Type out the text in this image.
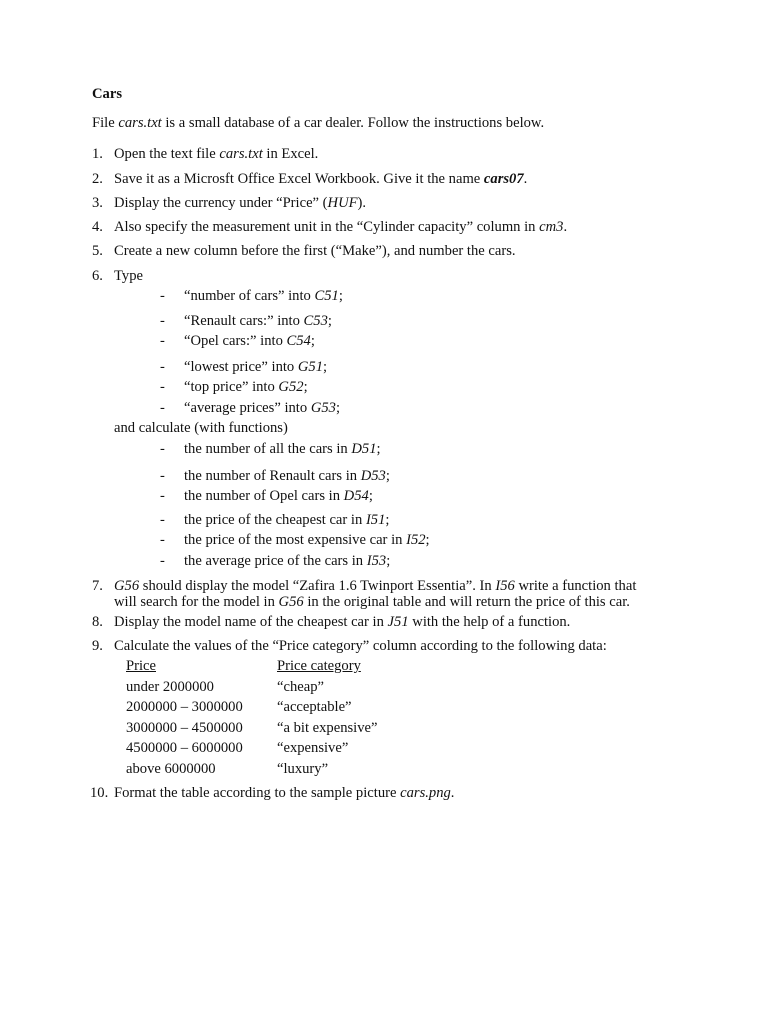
Cars
File cars.txt is a small database of a car dealer. Follow the instructions below.
1. Open the text file cars.txt in Excel.
2. Save it as a Microsft Office Excel Workbook. Give it the name cars07.
3. Display the currency under “Price” (HUF).
4. Also specify the measurement unit in the “Cylinder capacity” column in cm3.
5. Create a new column before the first (“Make”), and number the cars.
6. Type
- “number of cars” into C51;
- “Renault cars:” into C53;
- “Opel cars:” into C54;
- “lowest price” into G51;
- “top price” into G52;
- “average prices” into G53;
and calculate (with functions)
- the number of all the cars in D51;
- the number of Renault cars in D53;
- the number of Opel cars in D54;
- the price of the cheapest car in I51;
- the price of the most expensive car in I52;
- the average price of the cars in I53;
7. G56 should display the model “Zafira 1.6 Twinport Essentia”. In I56 write a function that
will search for the model in G56 in the original table and will return the price of this car.
8. Display the model name of the cheapest car in J51 with the help of a function.
9. Calculate the values of the “Price category” column according to the following data:
Price	Price category
under 2000000	“cheap”
2000000 – 3000000 “acceptable”
3000000 – 4500000 “a bit expensive”
4500000 – 6000000 “expensive”
above 6000000	“luxury”
10. Format the table according to the sample picture cars.png.
